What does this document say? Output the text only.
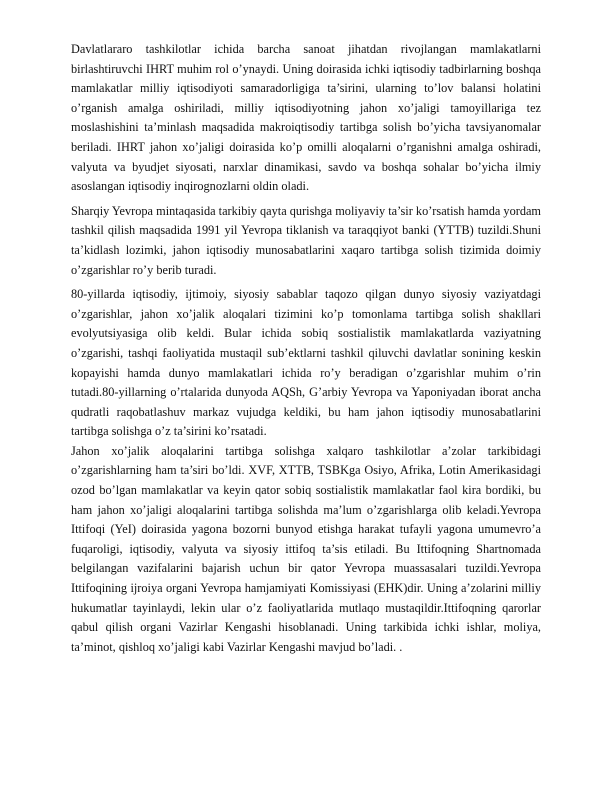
Davlatlararo tashkilotlar ichida barcha sanoat jihatdan rivojlangan mamlakatlarni birlashtiruvchi IHRT muhim rol o’ynaydi. Uning doirasida ichki iqtisodiy tadbirlarning boshqa mamlakatlar milliy iqtisodiyoti samaradorligiga ta’sirini, ularning to’lov balansi holatini o’rganish amalga oshiriladi, milliy iqtisodiyotning jahon xo’jaligi tamoyillariga tez moslashishini ta’minlash maqsadida makroiqtisodiy tartibga solish bo’yicha tavsiyanomalar beriladi. IHRT jahon xo’jaligi doirasida ko’p omilli aloqalarni o’rganishni amalga oshiradi, valyuta va byudjet siyosati, narxlar dinamikasi, savdo va boshqa sohalar bo’yicha ilmiy asoslangan iqtisodiy inqirognozlarni oldin oladi.

Sharqiy Yevropa mintaqasida tarkibiy qayta qurishga moliyaviy ta’sir ko’rsatish hamda yordam tashkil qilish maqsadida 1991 yil Yevropa tiklanish va taraqqiyot banki (YTTB) tuzildi.Shuni ta’kidlash lozimki, jahon iqtisodiy munosabatlarini xaqaro tartibga solish tizimida doimiy o’zgarishlar ro’y berib turadi.

80-yillarda iqtisodiy, ijtimoiy, siyosiy sabablar taqozo qilgan dunyo siyosiy vaziyatdagi o’zgarishlar, jahon xo’jalik aloqalari tizimini ko’p tomonlama tartibga solish shakllari evolyutsiyasiga olib keldi. Bular ichida sobiq sostialistik mamlakatlarda vaziyatning o’zgarishi, tashqi faoliyatida mustaqil sub’ektlarni tashkil qiluvchi davlatlar sonining keskin kopayishi hamda dunyo mamlakatlari ichida ro’y beradigan o’zgarishlar muhim o’rin tutadi.80-yillarning o’rtalarida dunyoda AQSh, G’arbiy Yevropa va Yaponiyadan iborat ancha qudratli raqobatlashuv markaz vujudga keldiki, bu ham jahon iqtisodiy munosabatlarini tartibga solishga o’z ta’sirini ko’rsatadi.

Jahon xo’jalik aloqalarini tartibga solishga xalqaro tashkilotlar a’zolar tarkibidagi o’zgarishlarning ham ta’siri bo’ldi. XVF, XTTB, TSBKga Osiyo, Afrika, Lotin Amerikasidagi ozod bo’lgan mamlakatlar va keyin qator sobiq sostialistik mamlakatlar faol kira bordiki, bu ham jahon xo’jaligi aloqalarini tartibga solishda ma’lum o’zgarishlarga olib keladi.Yevropa Ittifoqi (YeI) doirasida yagona bozorni bunyod etishga harakat tufayli yagona umumevro’a fuqaroligi, iqtisodiy, valyuta va siyosiy ittifoq ta’sis etiladi. Bu Ittifoqning Shartnomada belgilangan vazifalarini bajarish uchun bir qator Yevropa muassasalari tuzildi.Yevropa Ittifoqining ijroiya organi Yevropa hamjamiyati Komissiyasi (EHK)dir. Uning a’zolarini milliy hukumatlar tayinlaydi, lekin ular o’z faoliyatlarida mutlaqo mustaqildir.Ittifoqning qarorlar qabul qilish organi Vazirlar Kengashi hisoblanadi. Uning tarkibida ichki ishlar, moliya, ta’minot, qishloq xo’jaligi kabi Vazirlar Kengashi mavjud bo’ladi. .
